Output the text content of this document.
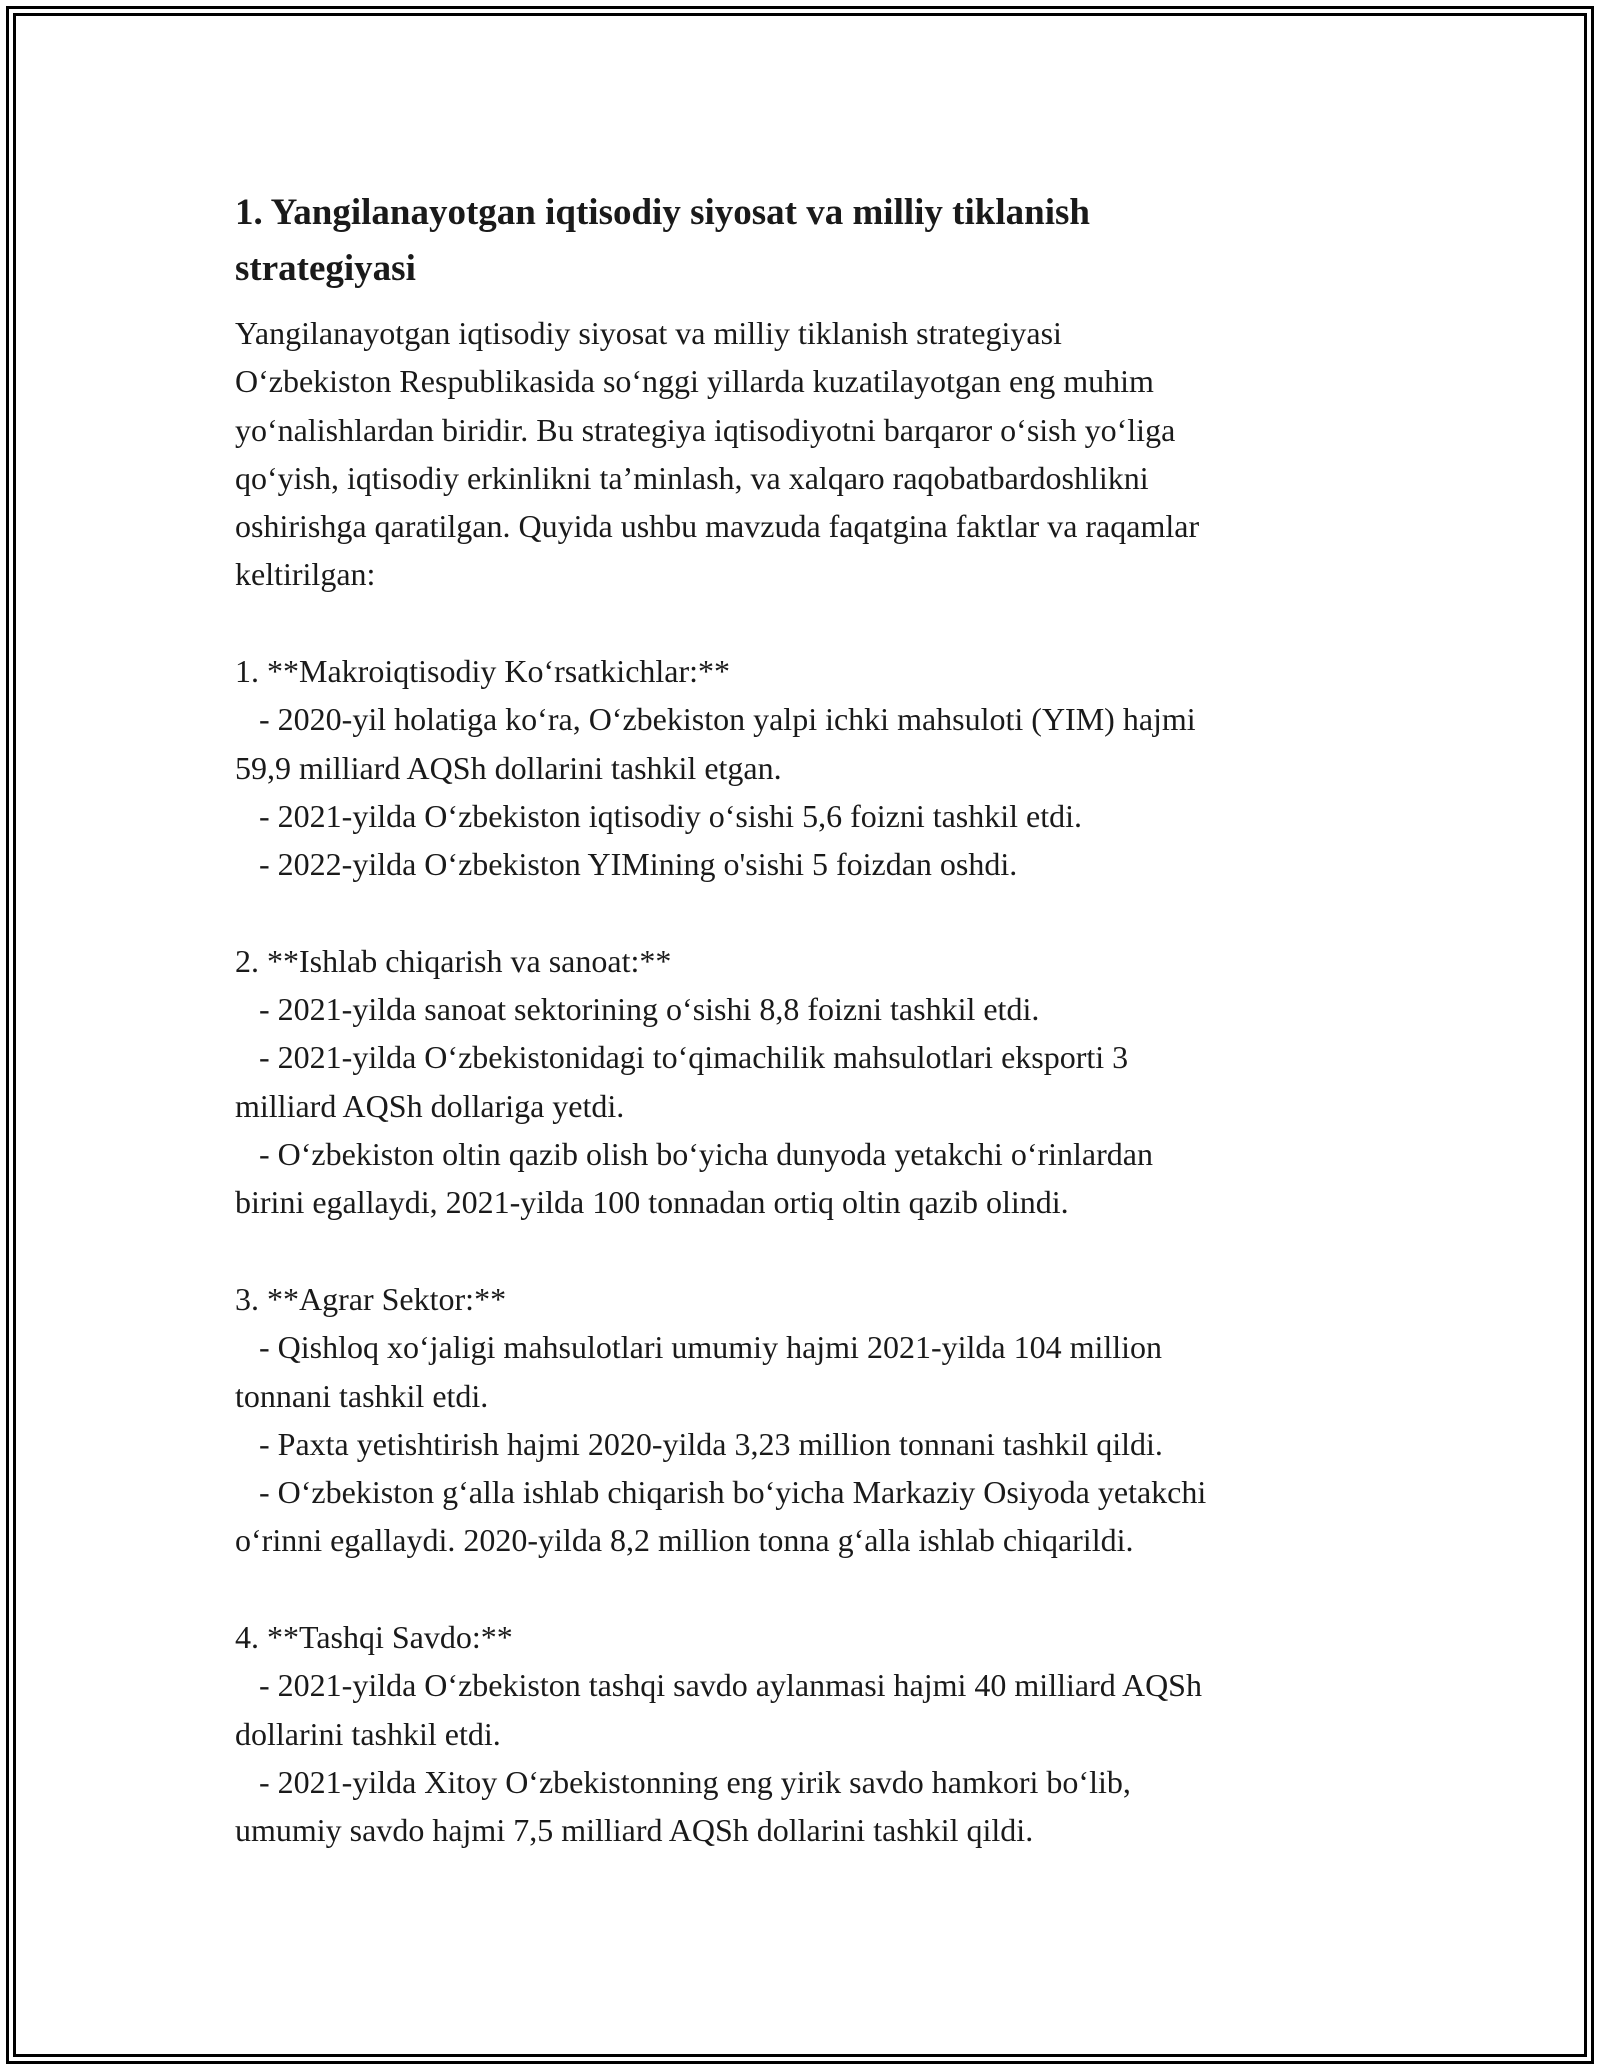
1. Yangilanayotgan iqtisodiy siyosat va milliy tiklanish
strategiyasi
Yangilanayotgan iqtisodiy siyosat va milliy tiklanish strategiyasi
O‘zbekiston Respublikasida so‘nggi yillarda kuzatilayotgan eng muhim
yo‘nalishlardan biridir. Bu strategiya iqtisodiyotni barqaror o‘sish yo‘liga
qo‘yish, iqtisodiy erkinlikni ta’minlash, va xalqaro raqobatbardoshlikni
oshirishga qaratilgan. Quyida ushbu mavzuda faqatgina faktlar va raqamlar
keltirilgan:
1. **Makroiqtisodiy Ko‘rsatkichlar:**
- 2020-yil holatiga ko‘ra, O‘zbekiston yalpi ichki mahsuloti (YIM) hajmi
59,9 milliard AQSh dollarini tashkil etgan.
- 2021-yilda O‘zbekiston iqtisodiy o‘sishi 5,6 foizni tashkil etdi.
- 2022-yilda O‘zbekiston YIMining o'sishi 5 foizdan oshdi.
2. **Ishlab chiqarish va sanoat:**
- 2021-yilda sanoat sektorining o‘sishi 8,8 foizni tashkil etdi.
- 2021-yilda O‘zbekistonidagi to‘qimachilik mahsulotlari eksporti 3
milliard AQSh dollariga yetdi.
- O‘zbekiston oltin qazib olish bo‘yicha dunyoda yetakchi o‘rinlardan
birini egallaydi, 2021-yilda 100 tonnadan ortiq oltin qazib olindi.
3. **Agrar Sektor:**
- Qishloq xo‘jaligi mahsulotlari umumiy hajmi 2021-yilda 104 million
tonnani tashkil etdi.
- Paxta yetishtirish hajmi 2020-yilda 3,23 million tonnani tashkil qildi.
- O‘zbekiston g‘alla ishlab chiqarish bo‘yicha Markaziy Osiyoda yetakchi
o‘rinni egallaydi. 2020-yilda 8,2 million tonna g‘alla ishlab chiqarildi.
4. **Tashqi Savdo:**
- 2021-yilda O‘zbekiston tashqi savdo aylanmasi hajmi 40 milliard AQSh
dollarini tashkil etdi.
- 2021-yilda Xitoy O‘zbekistonning eng yirik savdo hamkori bo‘lib,
umumiy savdo hajmi 7,5 milliard AQSh dollarini tashkil qildi.
